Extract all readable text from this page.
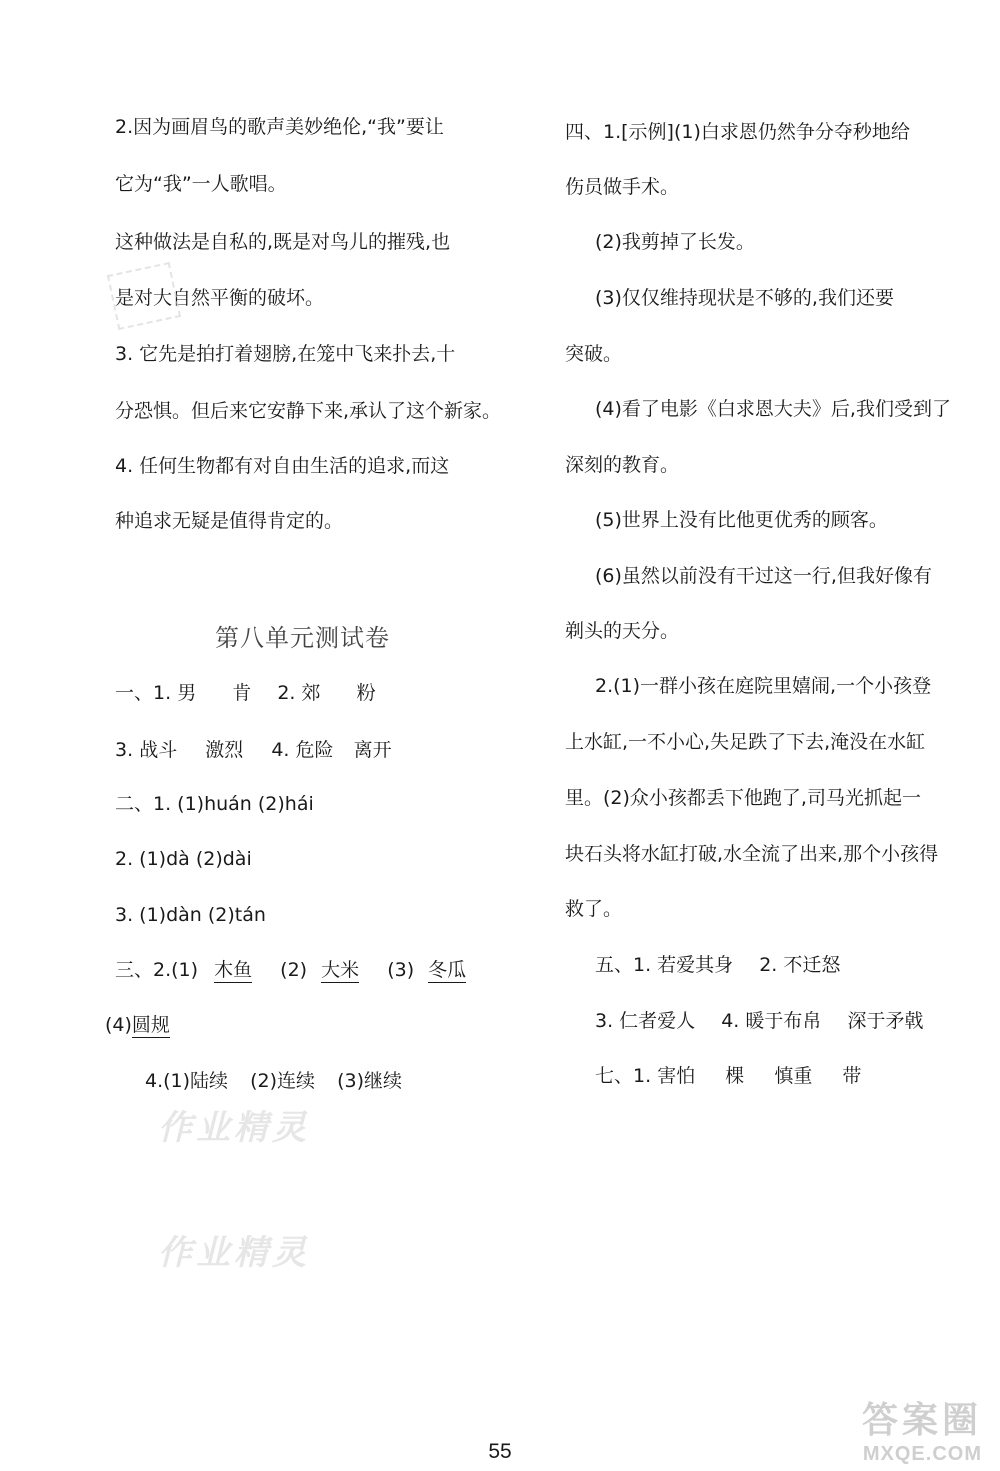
2.因为画眉鸟的歌声美妙绝伦,“我”要让
它为“我”一人歌唱。
这种做法是自私的,既是对鸟儿的摧残,也
是对大自然平衡的破坏。
3. 它先是拍打着翅膀,在笼中飞来扑去,十
分恐惧。但后来它安静下来,承认了这个新家。
4. 任何生物都有对自由生活的追求,而这
种追求无疑是值得肯定的。
第八单元测试卷
一、1. 男 肯 2. 郊 粉
3. 战斗 激烈 4. 危险 离开
二、1. (1)huán (2)hái
2. (1)dà (2)dài
3. (1)dàn (2)tán
三、2.(1) 木鱼 (2) 大米 (3) 冬瓜
(4)圆规
4.(1)陆续 (2)连续 (3)继续
作业精灵
作业精灵
四、1.[示例](1)白求恩仍然争分夺秒地给
伤员做手术。
(2)我剪掉了长发。
(3)仅仅维持现状是不够的,我们还要
突破。
(4)看了电影《白求恩大夫》后,我们受到了
深刻的教育。
(5)世界上没有比他更优秀的顾客。
(6)虽然以前没有干过这一行,但我好像有
剃头的天分。
2.(1)一群小孩在庭院里嬉闹,一个小孩登
上水缸,一不小心,失足跌了下去,淹没在水缸
里。(2)众小孩都丢下他跑了,司马光抓起一
块石头将水缸打破,水全流了出来,那个小孩得
救了。
五、1. 若爱其身 2. 不迁怒
3. 仁者爱人 4. 暖于布帛 深于矛戟
七、1. 害怕 棵 慎重 带
55
答案圈
MXQE.COM
